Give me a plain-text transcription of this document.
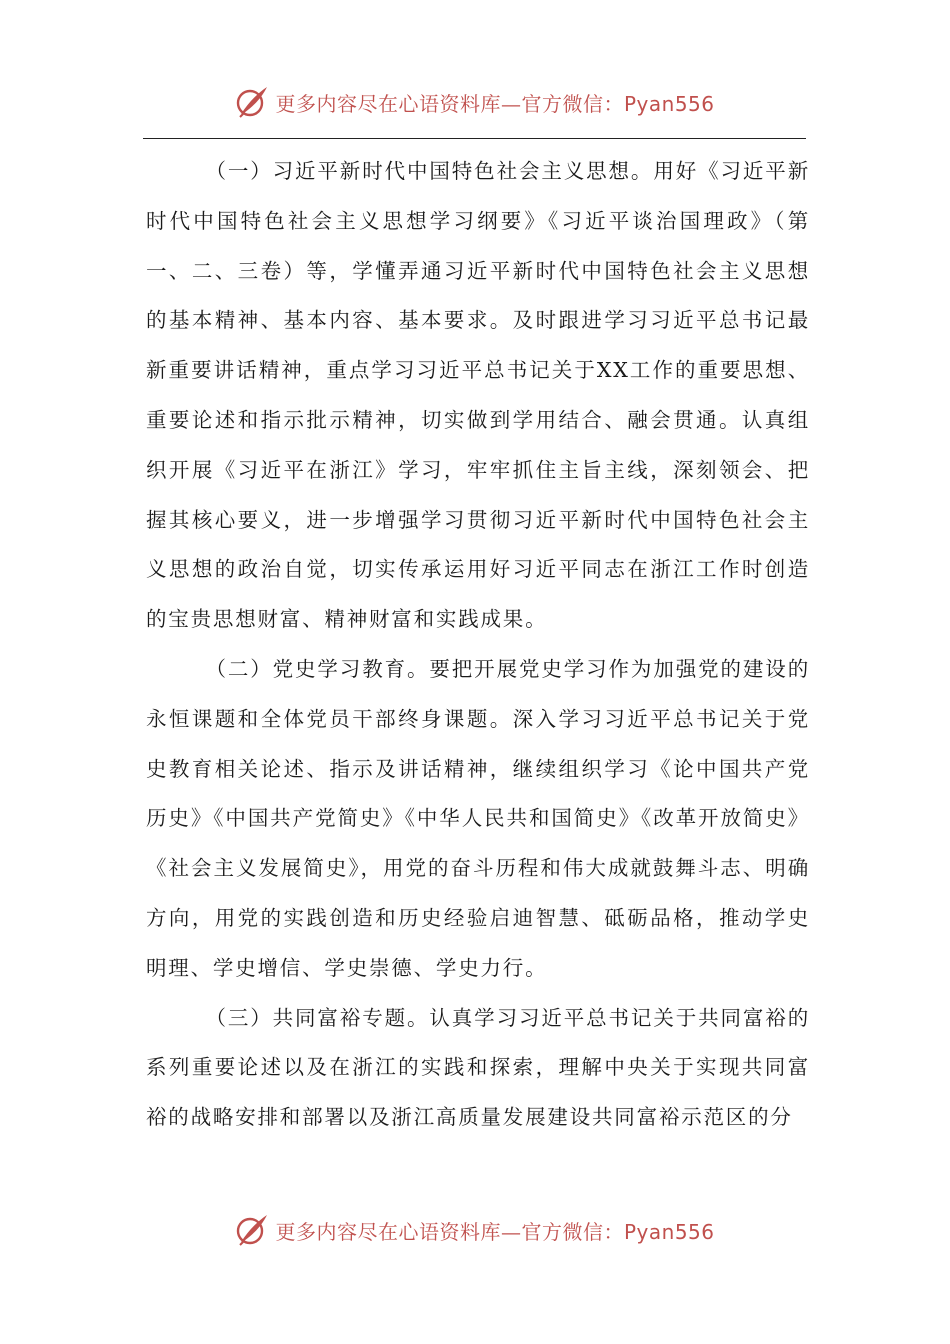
更多内容尽在心语资料库—官方微信：Pyan556

（一）习近平新时代中国特色社会主义思想。用好《习近平新时代中国特色社会主义思想学习纲要》《习近平谈治国理政》（第一、二、三卷）等，学懂弄通习近平新时代中国特色社会主义思想的基本精神、基本内容、基本要求。及时跟进学习习近平总书记最新重要讲话精神，重点学习习近平总书记关于XX工作的重要思想、重要论述和指示批示精神，切实做到学用结合、融会贯通。认真组织开展《习近平在浙江》学习，牢牢抓住主旨主线，深刻领会、把握其核心要义，进一步增强学习贯彻习近平新时代中国特色社会主义思想的政治自觉，切实传承运用好习近平同志在浙江工作时创造的宝贵思想财富、精神财富和实践成果。

（二）党史学习教育。要把开展党史学习作为加强党的建设的永恒课题和全体党员干部终身课题。深入学习习近平总书记关于党史教育相关论述、指示及讲话精神，继续组织学习《论中国共产党历史》《中国共产党简史》《中华人民共和国简史》《改革开放简史》《社会主义发展简史》，用党的奋斗历程和伟大成就鼓舞斗志、明确方向，用党的实践创造和历史经验启迪智慧、砥砺品格，推动学史明理、学史增信、学史崇德、学史力行。

（三）共同富裕专题。认真学习习近平总书记关于共同富裕的系列重要论述以及在浙江的实践和探索，理解中央关于实现共同富裕的战略安排和部署以及浙江高质量发展建设共同富裕示范区的分

更多内容尽在心语资料库—官方微信：Pyan556
